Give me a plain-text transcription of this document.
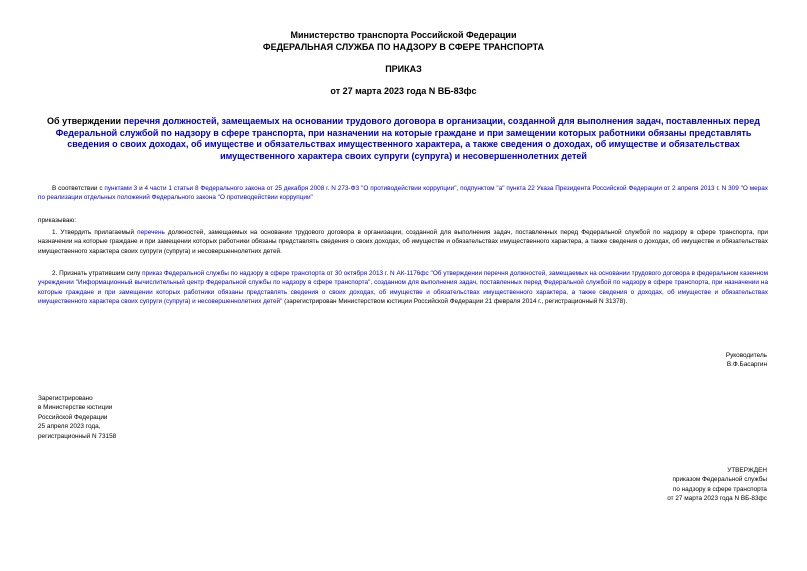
Министерство транспорта Российской Федерации
ФЕДЕРАЛЬНАЯ СЛУЖБА ПО НАДЗОРУ В СФЕРЕ ТРАНСПОРТА
ПРИКАЗ
от 27 марта 2023 года N ВБ-83фс
Об утверждении перечня должностей, замещаемых на основании трудового договора в организации, созданной для выполнения задач, поставленных перед Федеральной службой по надзору в сфере транспорта, при назначении на которые граждане и при замещении которых работники обязаны представлять сведения о своих доходах, об имуществе и обязательствах имущественного характера, а также сведения о доходах, об имуществе и обязательствах имущественного характера своих супруги (супруга) и несовершеннолетних детей
В соответствии с пунктами 3 и 4 части 1 статьи 8 Федерального закона от 25 декабря 2008 г. N 273-ФЗ "О противодействии коррупции", подпунктом "а" пункта 22 Указа Президента Российской Федерации от 2 апреля 2013 г. N 309 "О мерах по реализации отдельных положений Федерального закона "О противодействии коррупции"
приказываю:
1. Утвердить прилагаемый перечень должностей, замещаемых на основании трудового договора в организации, созданной для выполнения задач, поставленных перед Федеральной службой по надзору в сфере транспорта, при назначении на которые граждане и при замещении которых работники обязаны представлять сведения о своих доходах, об имуществе и обязательствах имущественного характера, а также сведения о доходах, об имуществе и обязательствах имущественного характера своих супруги (супруга) и несовершеннолетних детей.
2. Признать утратившим силу приказ Федеральной службы по надзору в сфере транспорта от 30 октября 2013 г. N АК-1176фс "Об утверждении перечня должностей, замещаемых на основании трудового договора в федеральном казенном учреждении "Информационный вычислительный центр Федеральной службы по надзору в сфере транспорта", созданном для выполнения задач, поставленных перед Федеральной службой по надзору в сфере транспорта, при назначении на которые граждане и при замещении которых работники обязаны представлять сведения о своих доходах, об имуществе и обязательствах имущественного характера, а также сведения о доходах, об имуществе и обязательствах имущественного характера своих супруги (супруга) и несовершеннолетних детей" (зарегистрирован Министерством юстиции Российской Федерации 21 февраля 2014 г., регистрационный N 31378).
Руководитель
В.Ф.Басаргин
Зарегистрировано
в Министерстве юстиции
Российской Федерации
25 апреля 2023 года,
регистрационный N 73158
УТВЕРЖДЕН
приказом Федеральной службы
по надзору в сфере транспорта
от 27 марта 2023 года N ВБ-83фс
